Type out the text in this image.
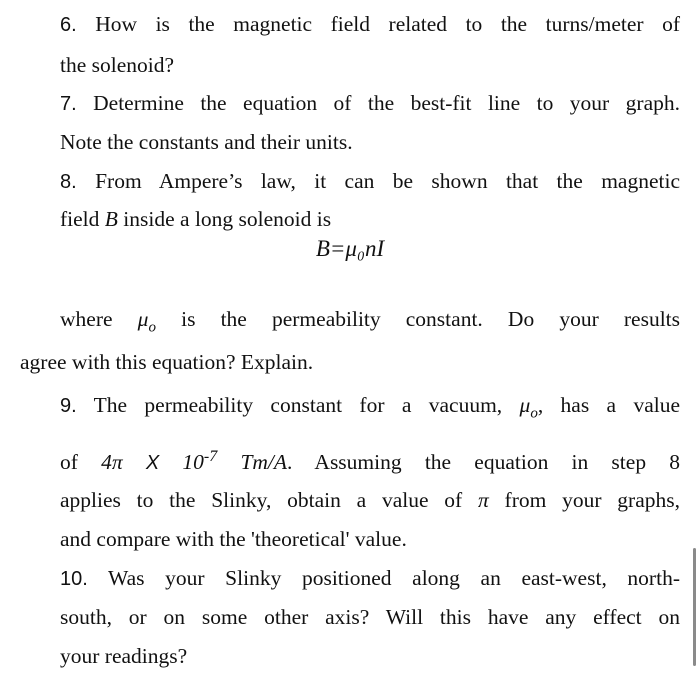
6. How is the magnetic field related to the turns/meter of
the solenoid?
7. Determine the equation of the best-fit line to your graph.
Note the constants and their units.
8. From Ampere’s law, it can be shown that the magnetic
field B inside a long solenoid is
B=μ₀nI
where $\mu_o$ is the permeability constant. Do your results
agree with this equation? Explain.
9. The permeability constant for a vacuum, $\mu_o$, has a value
of 4π X $10^{-7}$ Tm/A. Assuming the equation in step 8
applies to the Slinky, obtain a value of π from your graphs,
and compare with the 'theoretical' value.
10. Was your Slinky positioned along an east-west, north-
south, or on some other axis? Will this have any effect on
your readings?
